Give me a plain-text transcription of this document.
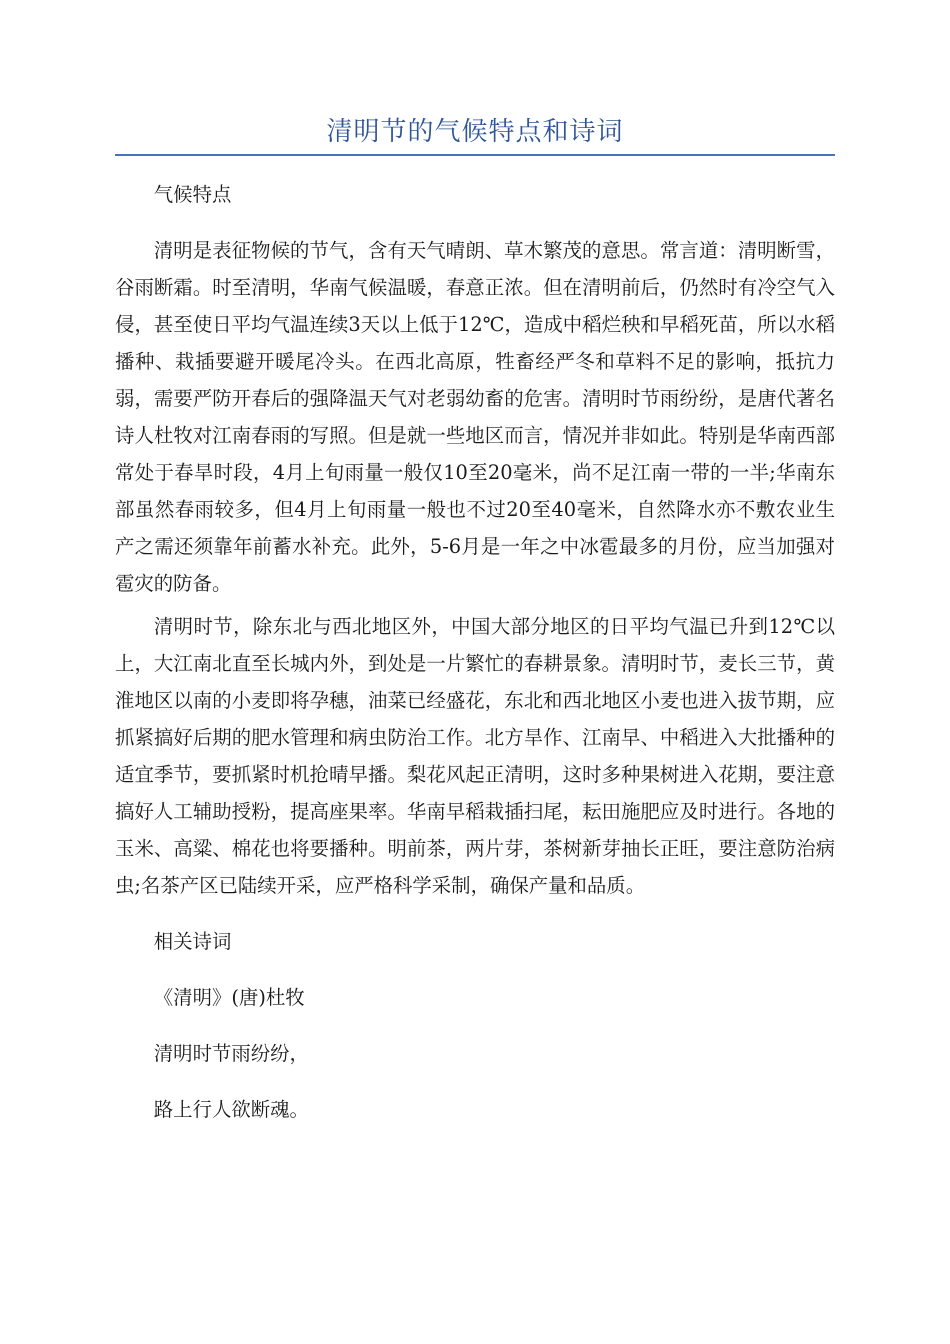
清明节的气候特点和诗词

气候特点

清明是表征物候的节气，含有天气晴朗、草木繁茂的意思。常言道：清明断雪，谷雨断霜。时至清明，华南气候温暖，春意正浓。但在清明前后，仍然时有冷空气入侵，甚至使日平均气温连续3天以上低于12℃，造成中稻烂秧和早稻死苗，所以水稻播种、栽插要避开暖尾冷头。在西北高原，牲畜经严冬和草料不足的影响，抵抗力弱，需要严防开春后的强降温天气对老弱幼畜的危害。清明时节雨纷纷，是唐代著名诗人杜牧对江南春雨的写照。但是就一些地区而言，情况并非如此。特别是华南西部常处于春旱时段，4月上旬雨量一般仅10至20毫米，尚不足江南一带的一半;华南东部虽然春雨较多，但4月上旬雨量一般也不过20至40毫米，自然降水亦不敷农业生产之需还须靠年前蓄水补充。此外，5-6月是一年之中冰雹最多的月份，应当加强对雹灾的防备。

清明时节，除东北与西北地区外，中国大部分地区的日平均气温已升到12℃以上，大江南北直至长城内外，到处是一片繁忙的春耕景象。清明时节，麦长三节，黄淮地区以南的小麦即将孕穗，油菜已经盛花，东北和西北地区小麦也进入拔节期，应抓紧搞好后期的肥水管理和病虫防治工作。北方旱作、江南早、中稻进入大批播种的适宜季节，要抓紧时机抢晴早播。梨花风起正清明，这时多种果树进入花期，要注意搞好人工辅助授粉，提高座果率。华南早稻栽插扫尾，耘田施肥应及时进行。各地的玉米、高粱、棉花也将要播种。明前茶，两片芽，茶树新芽抽长正旺，要注意防治病虫;名茶产区已陆续开采，应严格科学采制，确保产量和品质。

相关诗词

《清明》(唐)杜牧

清明时节雨纷纷，

路上行人欲断魂。
